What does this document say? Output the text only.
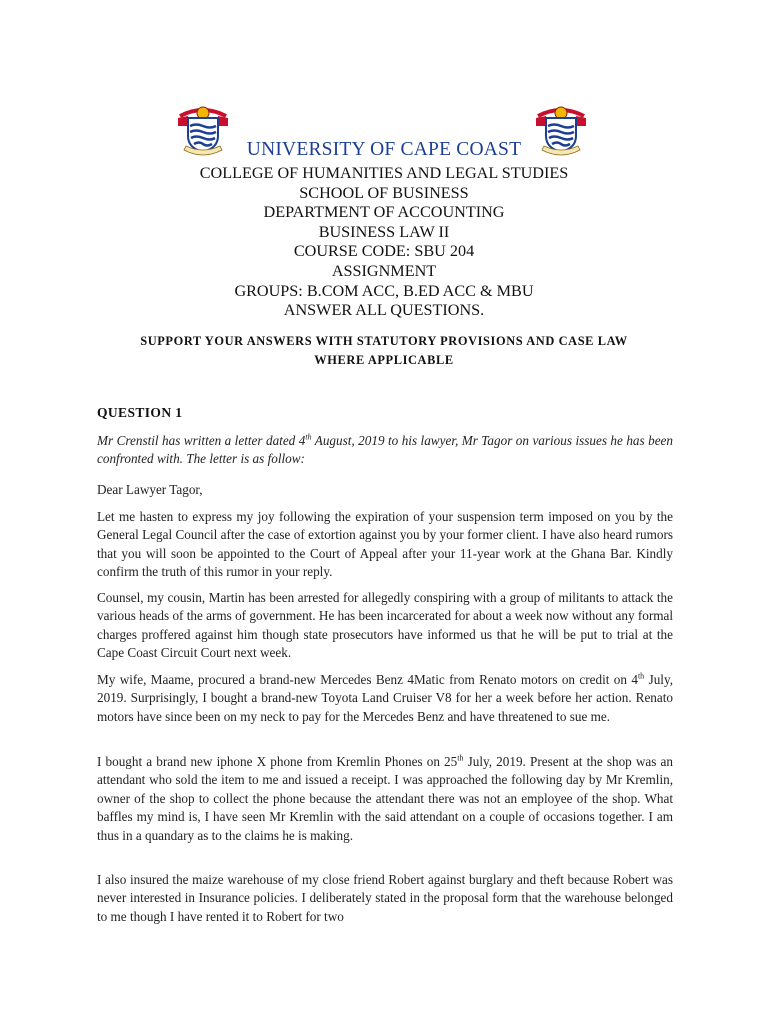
UNIVERSITY OF CAPE COAST
COLLEGE OF HUMANITIES AND LEGAL STUDIES
SCHOOL OF BUSINESS
DEPARTMENT OF ACCOUNTING
BUSINESS LAW II
COURSE CODE: SBU 204
ASSIGNMENT
GROUPS: B.COM ACC, B.ED ACC & MBU
ANSWER ALL QUESTIONS.
SUPPORT YOUR ANSWERS WITH STATUTORY PROVISIONS AND CASE LAW
WHERE APPLICABLE
QUESTION 1

Mr Crenstil has written a letter dated 4th August, 2019 to his lawyer, Mr Tagor on various issues he has been confronted with. The letter is as follow:

Dear Lawyer Tagor,

Let me hasten to express my joy following the expiration of your suspension term imposed on you by the General Legal Council after the case of extortion against you by your former client. I have also heard rumors that you will soon be appointed to the Court of Appeal after your 11-year work at the Ghana Bar. Kindly confirm the truth of this rumor in your reply.

Counsel, my cousin, Martin has been arrested for allegedly conspiring with a group of militants to attack the various heads of the arms of government. He has been incarcerated for about a week now without any formal charges proffered against him though state prosecutors have informed us that he will be put to trial at the Cape Coast Circuit Court next week.

My wife, Maame, procured a brand-new Mercedes Benz 4Matic from Renato motors on credit on 4th July, 2019. Surprisingly, I bought a brand-new Toyota Land Cruiser V8 for her a week before her action. Renato motors have since been on my neck to pay for the Mercedes Benz and have threatened to sue me.

I bought a brand new iphone X phone from Kremlin Phones on 25th July, 2019. Present at the shop was an attendant who sold the item to me and issued a receipt. I was approached the following day by Mr Kremlin, owner of the shop to collect the phone because the attendant there was not an employee of the shop. What baffles my mind is, I have seen Mr Kremlin with the said attendant on a couple of occasions together. I am thus in a quandary as to the claims he is making.

I also insured the maize warehouse of my close friend Robert against burglary and theft because Robert was never interested in Insurance policies. I deliberately stated in the proposal form that the warehouse belonged to me though I have rented it to Robert for two
